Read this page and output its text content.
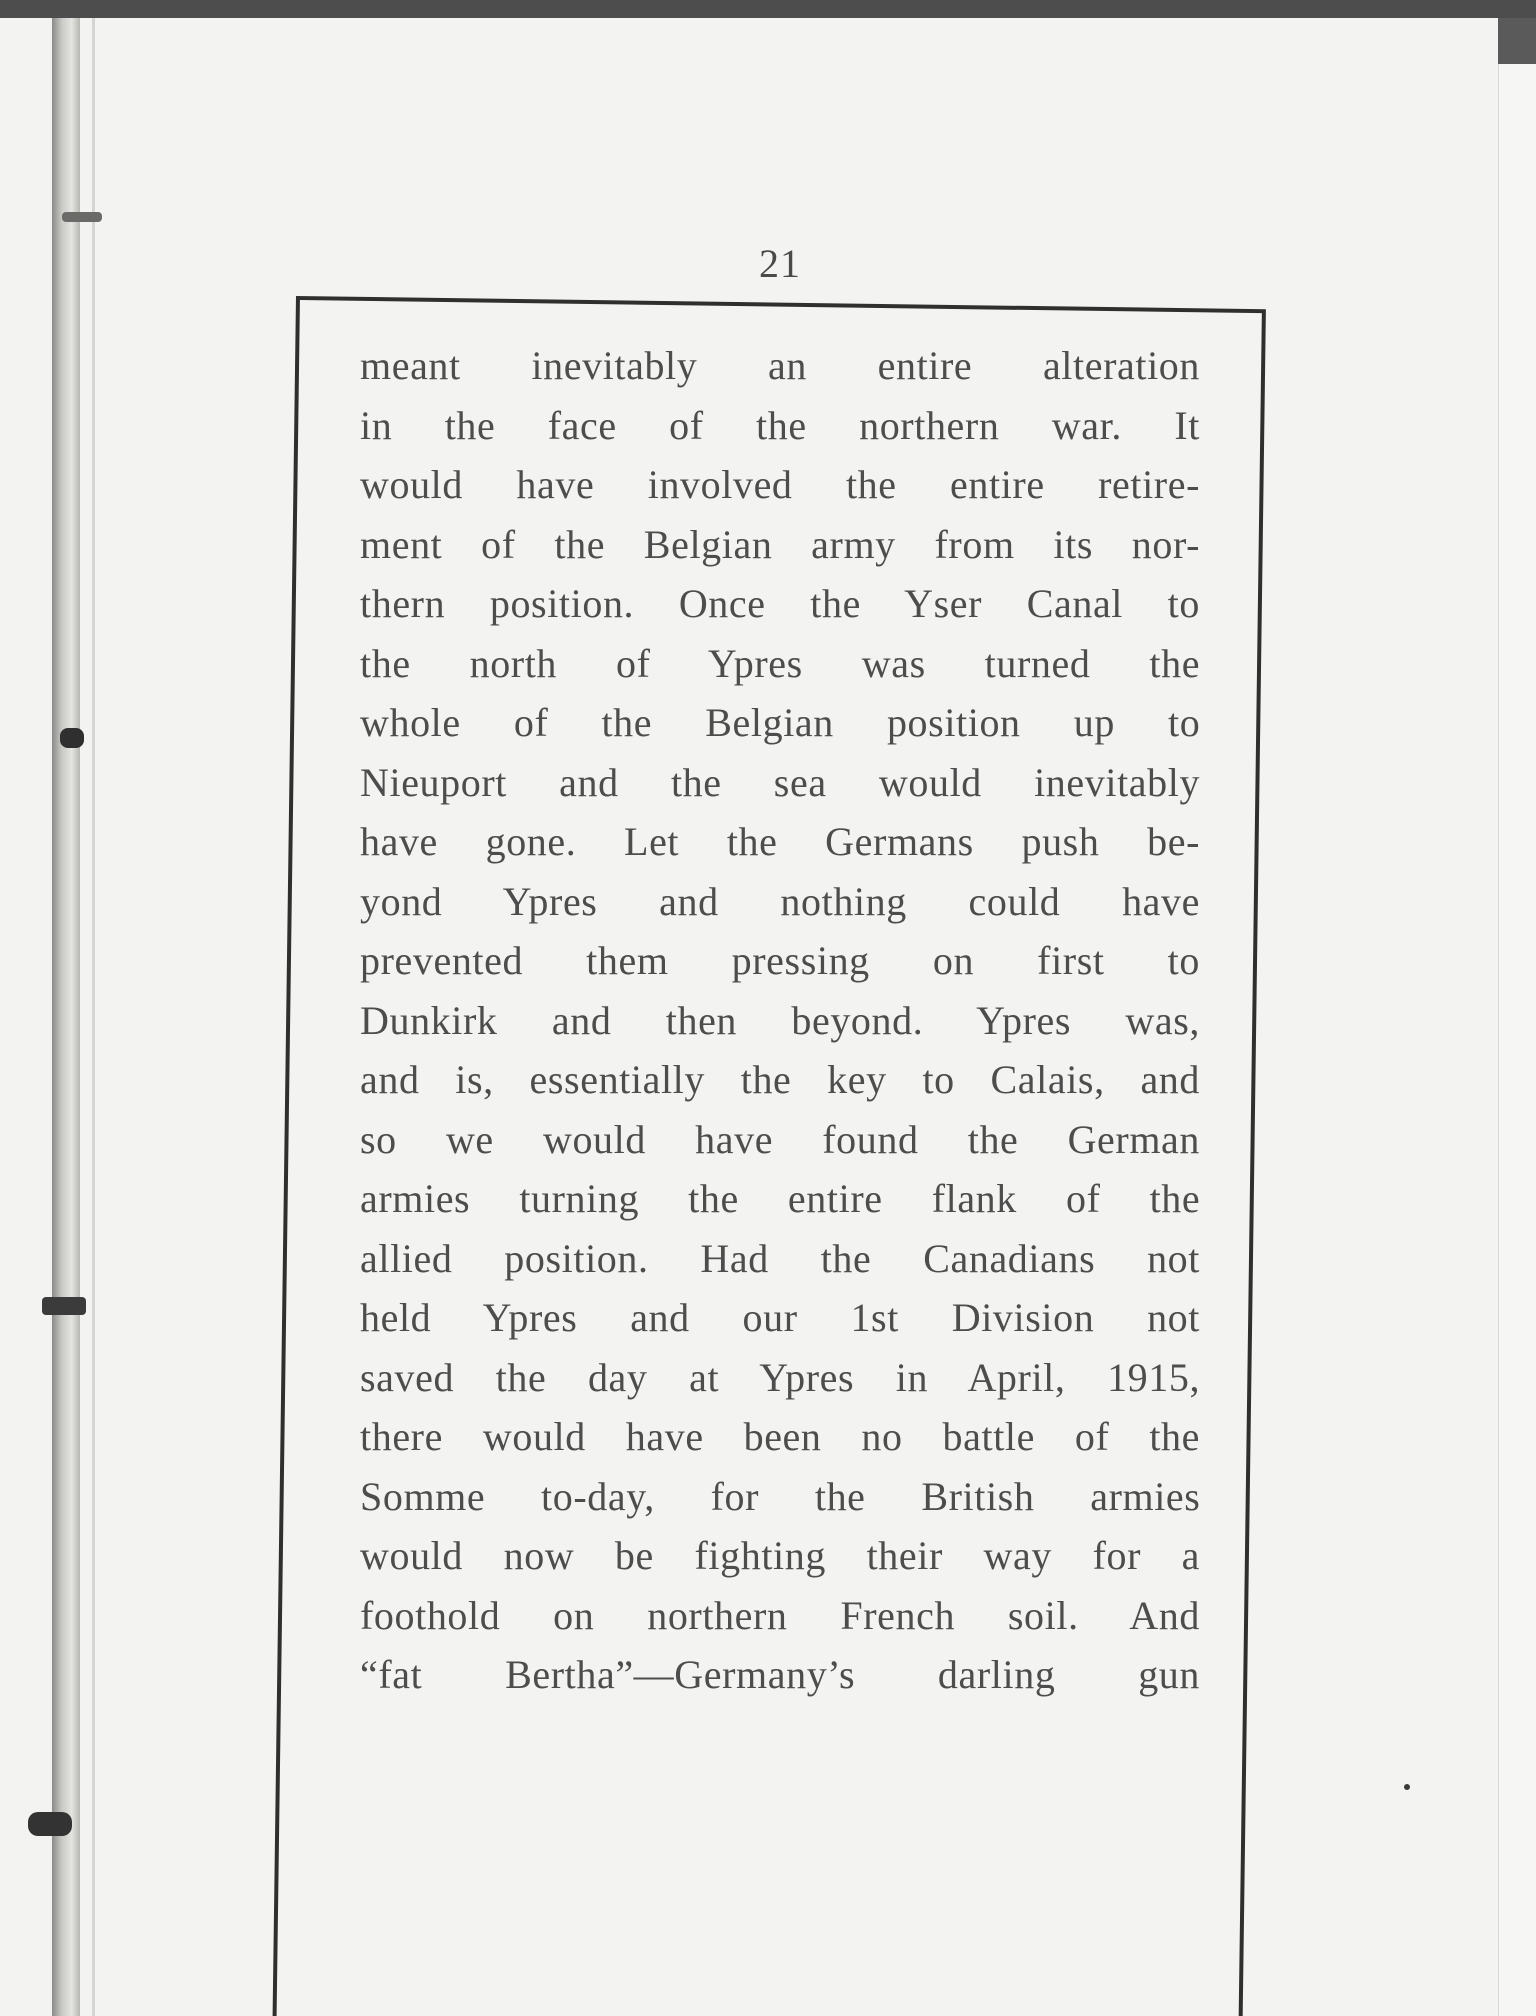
21
meant inevitably an entire alteration
in the face of the northern war. It
would have involved the entire retire-
ment of the Belgian army from its nor-
thern position. Once the Yser Canal to
the north of Ypres was turned the
whole of the Belgian position up to
Nieuport and the sea would inevitably
have gone. Let the Germans push be-
yond Ypres and nothing could have
prevented them pressing on first to
Dunkirk and then beyond. Ypres was,
and is, essentially the key to Calais, and
so we would have found the German
armies turning the entire flank of the
allied position. Had the Canadians not
held Ypres and our 1st Division not
saved the day at Ypres in April, 1915,
there would have been no battle of the
Somme to-day, for the British armies
would now be fighting their way for a
foothold on northern French soil. And
“fat Bertha”—Germany’s darling gun
